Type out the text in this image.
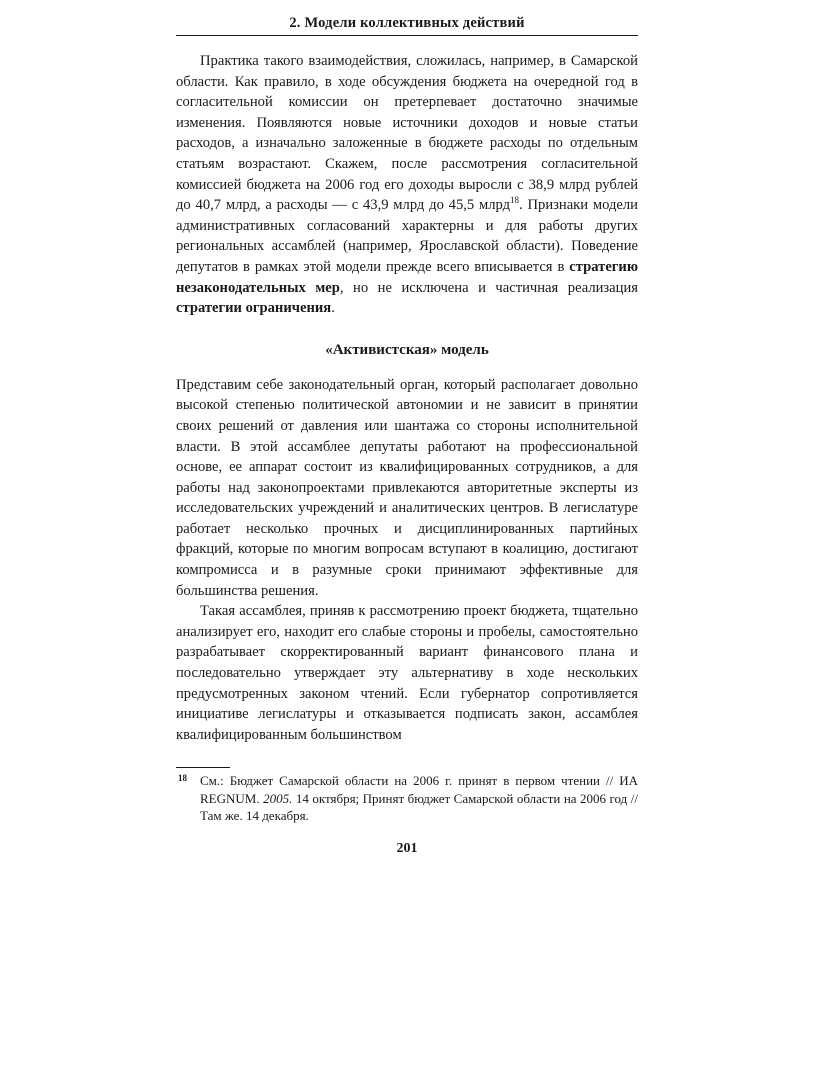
2. Модели коллективных действий

Практика такого взаимодействия, сложилась, например, в Самарской области. Как правило, в ходе обсуждения бюджета на очередной год в согласительной комиссии он претерпевает достаточно значимые изменения. Появляются новые источники доходов и новые статьи расходов, а изначально заложенные в бюджете расходы по отдельным статьям возрастают. Скажем, после рассмотрения согласительной комиссией бюджета на 2006 год его доходы выросли с 38,9 млрд рублей до 40,7 млрд, а расходы — с 43,9 млрд до 45,5 млрд$^{18}$. Признаки модели административных согласований характерны и для работы других региональных ассамблей (например, Ярославской области). Поведение депутатов в рамках этой модели прежде всего вписывается в стратегию незаконодательных мер, но не исключена и частичная реализация стратегии ограничения.

«Активистская» модель

Представим себе законодательный орган, который располагает довольно высокой степенью политической автономии и не зависит в принятии своих решений от давления или шантажа со стороны исполнительной власти. В этой ассамблее депутаты работают на профессиональной основе, ее аппарат состоит из квалифицированных сотрудников, а для работы над законопроектами привлекаются авторитетные эксперты из исследовательских учреждений и аналитических центров. В легислатуре работает несколько прочных и дисциплинированных партийных фракций, которые по многим вопросам вступают в коалицию, достигают компромисса и в разумные сроки принимают эффективные для большинства решения.

Такая ассамблея, приняв к рассмотрению проект бюджета, тщательно анализирует его, находит его слабые стороны и пробелы, самостоятельно разрабатывает скорректированный вариант финансового плана и последовательно утверждает эту альтернативу в ходе нескольких предусмотренных законом чтений. Если губернатор сопротивляется инициативе легислатуры и отказывается подписать закон, ассамблея квалифицированным большинством

18 См.: Бюджет Самарской области на 2006 г. принят в первом чтении // ИА REGNUM. 2005. 14 октября; Принят бюджет Самарской области на 2006 год // Там же. 14 декабря.
201
